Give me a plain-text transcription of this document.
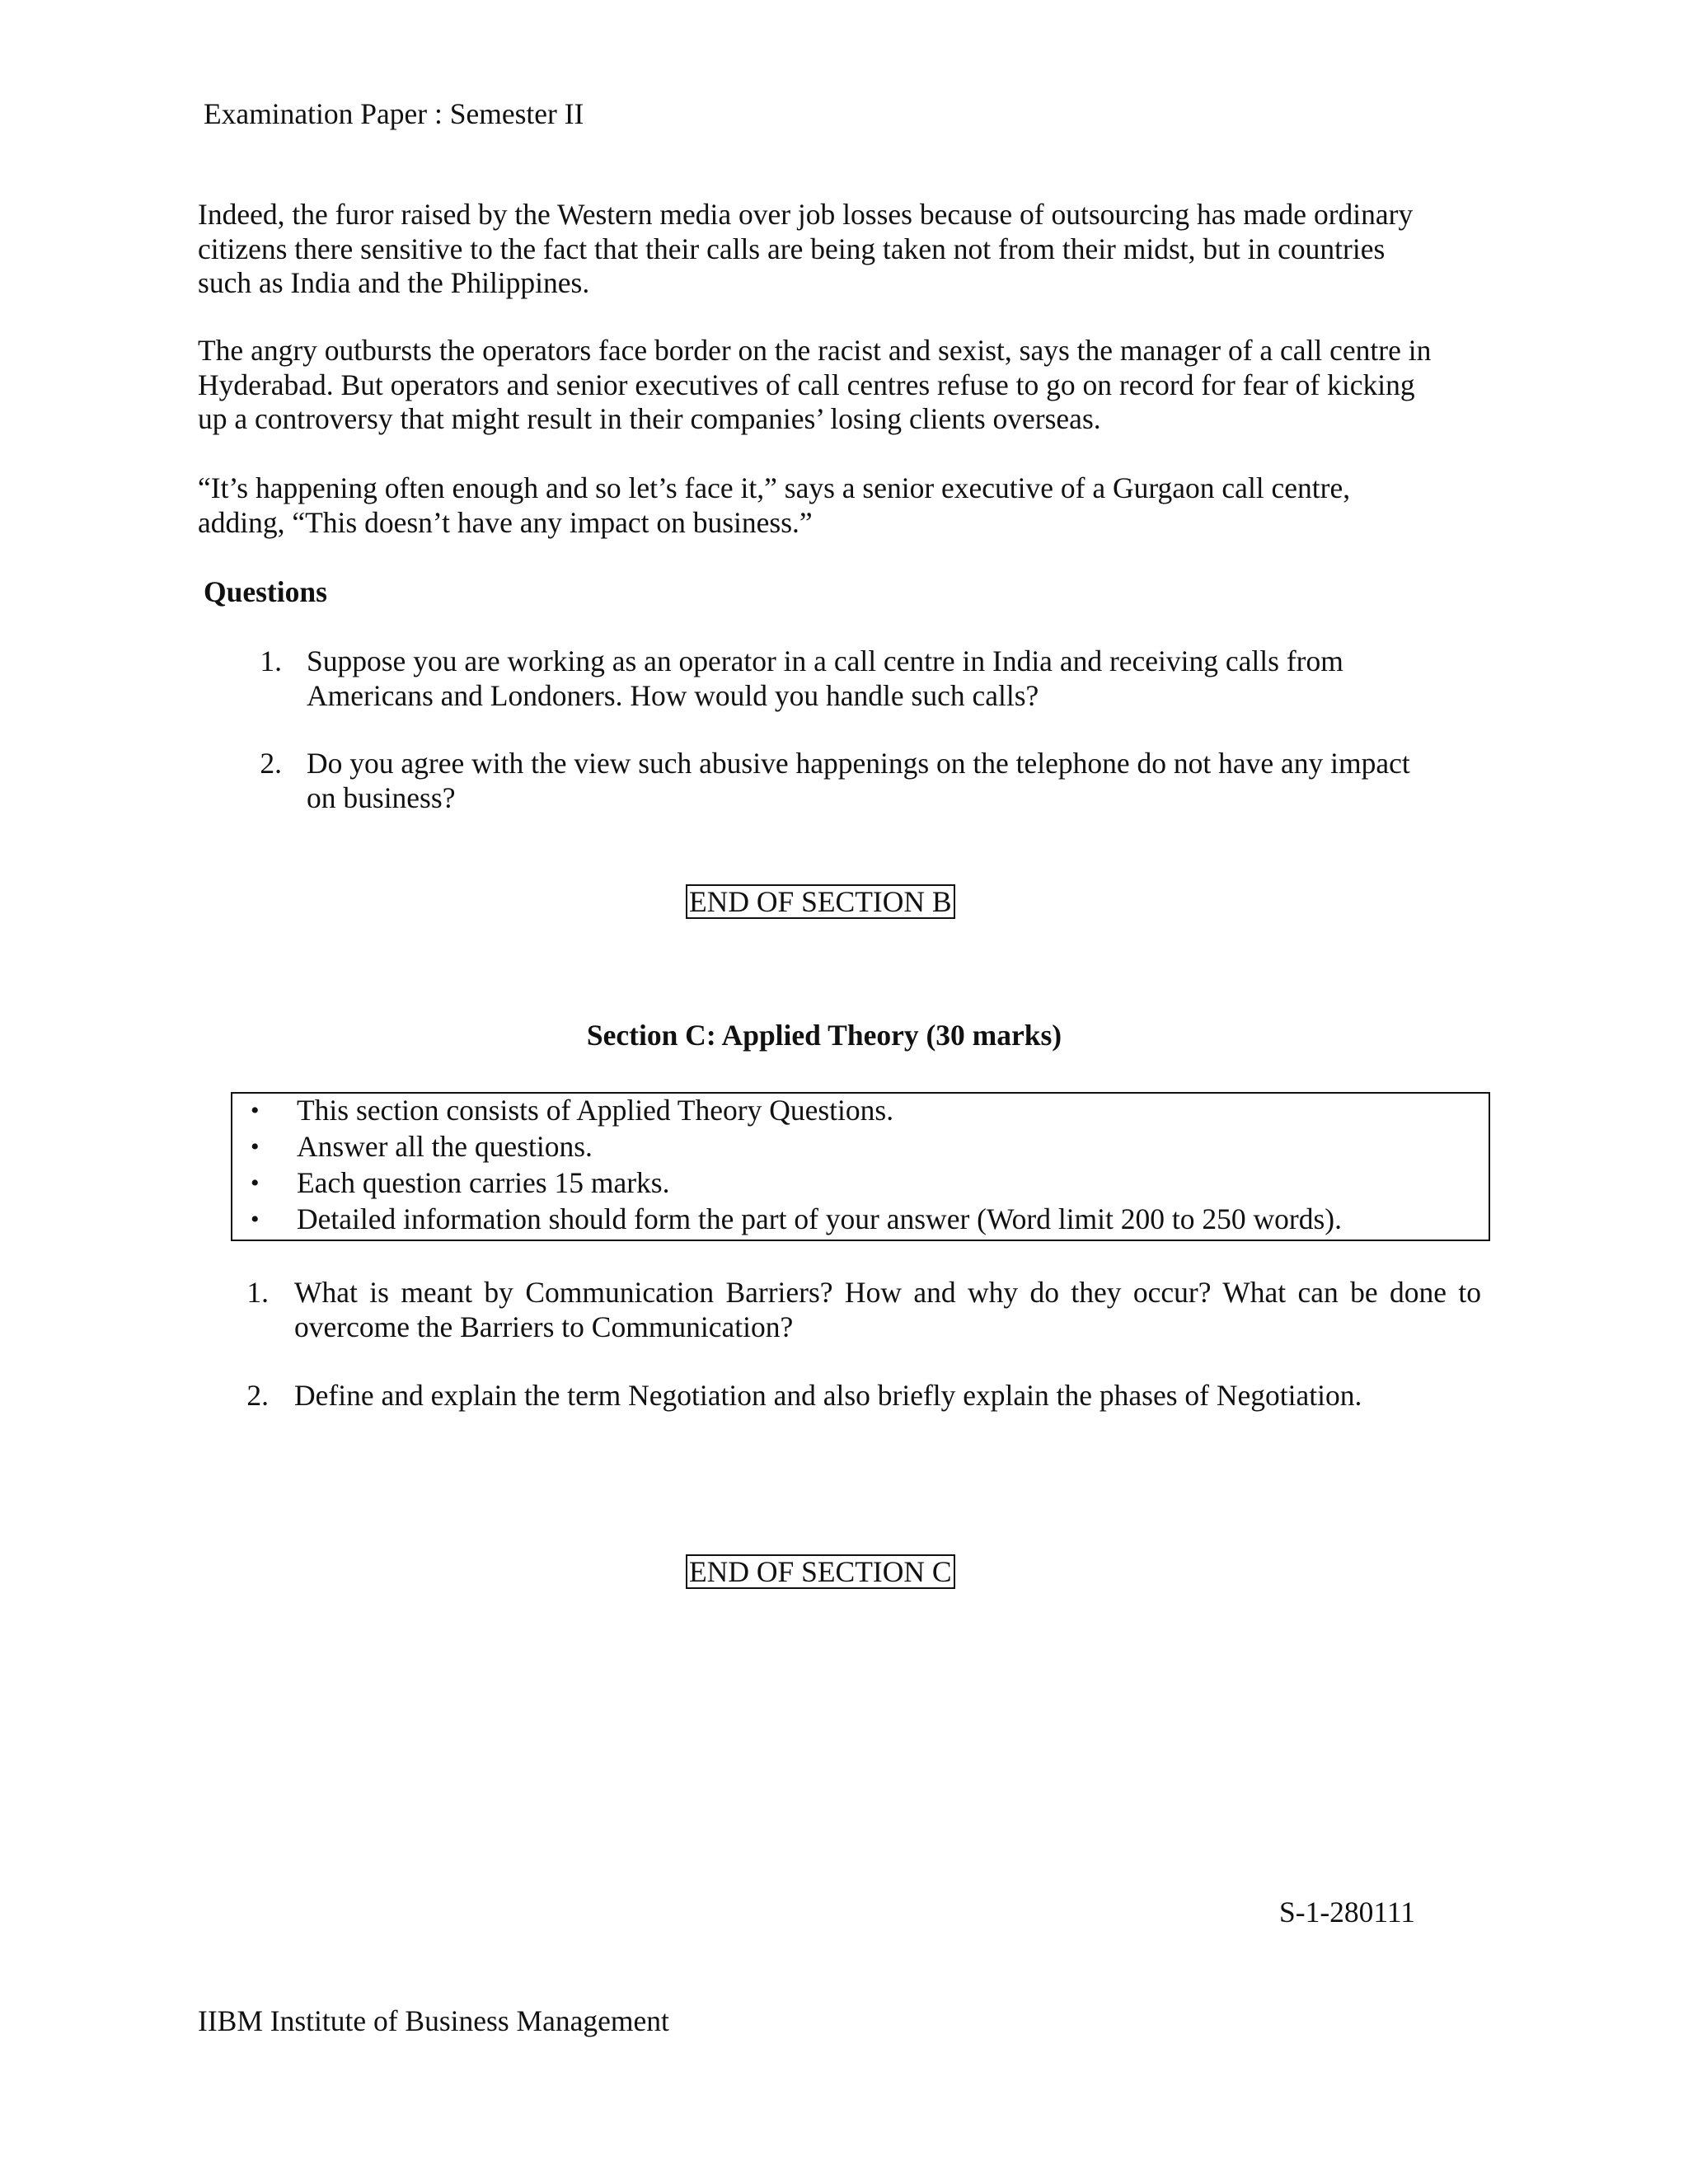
Examination Paper : Semester II
Indeed, the furor raised by the Western media over job losses because of outsourcing has made ordinary
citizens there sensitive to the fact that their calls are being taken not from their midst, but in countries
such as India and the Philippines.
The angry outbursts the operators face border on the racist and sexist, says the manager of a call centre in
Hyderabad. But operators and senior executives of call centres refuse to go on record for fear of kicking
up a controversy that might result in their companies’ losing clients overseas.
“It’s happening often enough and so let’s face it,” says a senior executive of a Gurgaon call centre,
adding, “This doesn’t have any impact on business.”
Questions
1. Suppose you are working as an operator in a call centre in India and receiving calls from
Americans and Londoners. How would you handle such calls?
2. Do you agree with the view such abusive happenings on the telephone do not have any impact
on business?
END OF SECTION B
Section C: Applied Theory (30 marks)
• This section consists of Applied Theory Questions.
• Answer all the questions.
• Each question carries 15 marks.
• Detailed information should form the part of your answer (Word limit 200 to 250 words).
1. What is meant by Communication Barriers? How and why do they occur? What can be done to
overcome the Barriers to Communication?
2. Define and explain the term Negotiation and also briefly explain the phases of Negotiation.
END OF SECTION C
S-1-280111
IIBM Institute of Business Management
